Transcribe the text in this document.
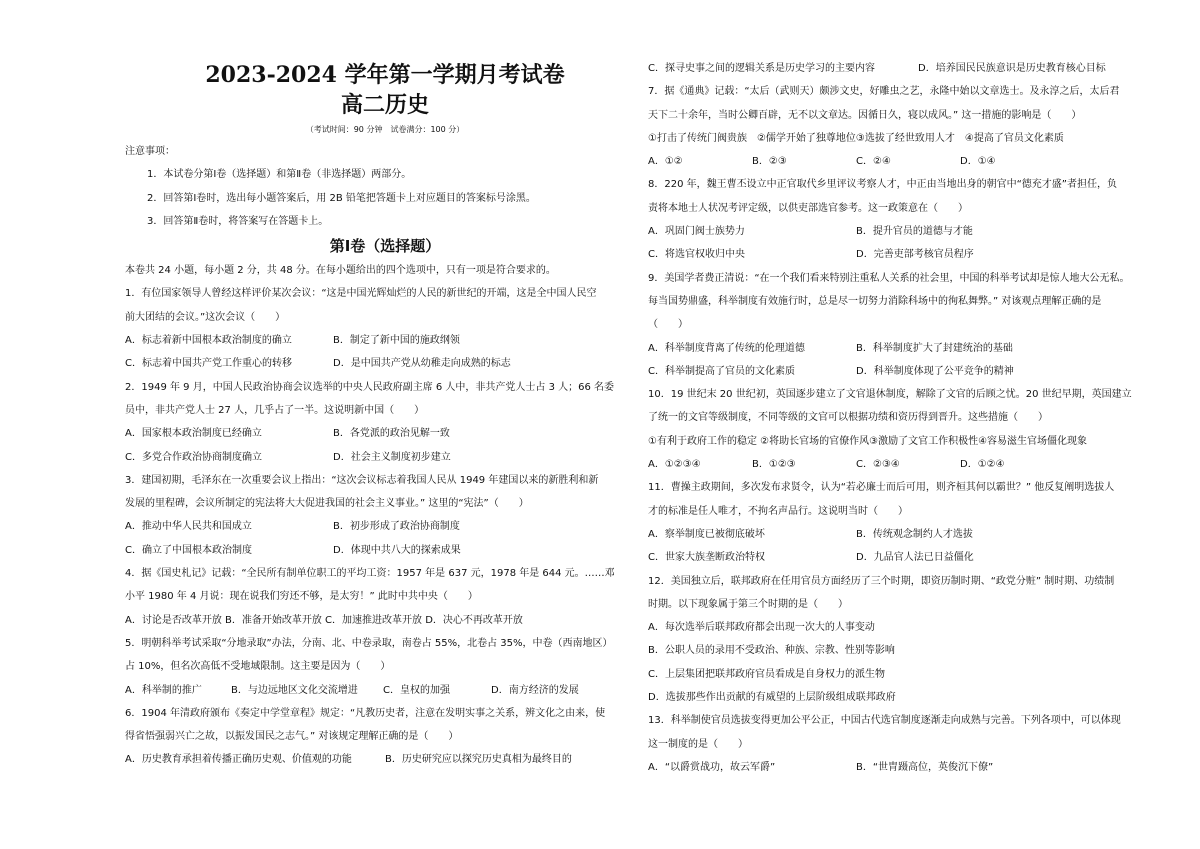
2023-2024 学年第一学期月考试卷
高二历史
（考试时间：90 分钟　试卷满分：100 分）
注意事项：
1．本试卷分第Ⅰ卷（选择题）和第Ⅱ卷（非选择题）两部分。
2．回答第Ⅰ卷时，选出每小题答案后，用 2B 铅笔把答题卡上对应题目的答案标号涂黑。
3．回答第Ⅱ卷时，将答案写在答题卡上。
第Ⅰ卷（选择题）
本卷共 24 小题，每小题 2 分，共 48 分。在每小题给出的四个选项中，只有一项是符合要求的。
1．有位国家领导人曾经这样评价某次会议：“这是中国光辉灿烂的人民的新世纪的开端，这是全中国人民空
前大团结的会议。”这次会议（　　）
A．标志着新中国根本政治制度的确立	B．制定了新中国的施政纲领
C．标志着中国共产党工作重心的转移	D．是中国共产党从幼稚走向成熟的标志
2．1949 年 9 月，中国人民政治协商会议选举的中央人民政府副主席 6 人中，非共产党人士占 3 人；66 名委
员中，非共产党人士 27 人，几乎占了一半。这说明新中国（　　）
A．国家根本政治制度已经确立	B．各党派的政治见解一致
C．多党合作政治协商制度确立	D．社会主义制度初步建立
3．建国初期，毛泽东在一次重要会议上指出：“这次会议标志着我国人民从 1949 年建国以来的新胜利和新
发展的里程碑，会议所制定的宪法将大大促进我国的社会主义事业。” 这里的“宪法”（　　）
A．推动中华人民共和国成立	B．初步形成了政治协商制度
C．确立了中国根本政治制度	D．体现中共八大的探索成果
4．据《国史札记》记载：“全民所有制单位职工的平均工资：1957 年是 637 元，1978 年是 644 元。……邓
小平 1980 年 4 月说：现在说我们穷还不够，是太穷！” 此时中共中央（　　）
A．讨论是否改革开放 B．准备开始改革开放 C．加速推进改革开放 D．决心不再改革开放
5．明朝科举考试采取“分地录取”办法，分南、北、中卷录取，南卷占 55%，北卷占 35%，中卷（西南地区）
占 10%，但名次高低不受地域限制。这主要是因为（　　）
A．科举制的推广	B．与边远地区文化交流增进	C．皇权的加强	D．南方经济的发展
6．1904 年清政府颁布《奏定中学堂章程》规定：“凡教历史者，注意在发明实事之关系，辨文化之由来，使
得省悟强弱兴亡之故，以振发国民之志气。” 对该规定理解正确的是（　　）
A．历史教育承担着传播正确历史观、价值观的功能	B．历史研究应以探究历史真相为最终目的
C．探寻史事之间的逻辑关系是历史学习的主要内容	D．培养国民民族意识是历史教育核心目标
7．据《通典》记载：“太后（武则天）颇涉文史，好雕虫之艺，永隆中始以文章选士。及永淳之后，太后君
天下二十余年，当时公卿百辟，无不以文章达。因循日久，寝以成风。” 这一措施的影响是（　　）
①打击了传统门阀贵族　②儒学开始了独尊地位③选拔了经世致用人才　④提高了官员文化素质
A．①②	B．②③	C．②④	D．①④
8．220 年，魏王曹丕设立中正官取代乡里评议考察人才，中正由当地出身的朝官中“德充才盛”者担任，负
责将本地士人状况考评定级，以供吏部选官参考。这一政策意在（　　）
A．巩固门阀士族势力	B．提升官员的道德与才能
C．将选官权收归中央	D．完善吏部考核官员程序
9．美国学者费正清说：“在一个我们看来特别注重私人关系的社会里，中国的科举考试却是惊人地大公无私。
每当国势鼎盛，科举制度有效施行时，总是尽一切努力消除科场中的徇私舞弊。” 对该观点理解正确的是
（　　）
A．科举制度背离了传统的伦理道德	B．科举制度扩大了封建统治的基础
C．科举制提高了官员的文化素质	D．科举制度体现了公平竞争的精神
10．19 世纪末 20 世纪初，英国逐步建立了文官退休制度，解除了文官的后顾之忧。20 世纪早期，英国建立
了统一的文官等级制度，不同等级的文官可以根据功绩和资历得到晋升。这些措施（　　）
①有利于政府工作的稳定 ②将助长官场的官僚作风③激励了文官工作积极性④容易滋生官场僵化现象
A．①②③④	B．①②③	C．②③④	D．①②④
11．曹操主政期间，多次发布求贤令，认为“若必廉士而后可用，则齐桓其何以霸世？” 他反复阐明选拔人
才的标准是任人唯才，不拘名声品行。这说明当时（　　）
A．察举制度已被彻底破坏	B．传统观念制约人才选拔
C．世家大族垄断政治特权	D．九品官人法已日益僵化
12．美国独立后，联邦政府在任用官员方面经历了三个时期，即资历制时期、“政党分赃” 制时期、功绩制
时期。以下现象属于第三个时期的是（　　）
A．每次选举后联邦政府都会出现一次大的人事变动
B．公职人员的录用不受政治、种族、宗教、性别等影响
C．上层集团把联邦政府官员看成是自身权力的派生物
D．选拔那些作出贡献的有威望的上层阶级组成联邦政府
13．科举制使官员选拔变得更加公平公正，中国古代选官制度逐渐走向成熟与完善。下列各项中，可以体现
这一制度的是（　　）
A．“以爵赏战功，故云军爵”	B．“世胄蹑高位，英俊沉下僚”
